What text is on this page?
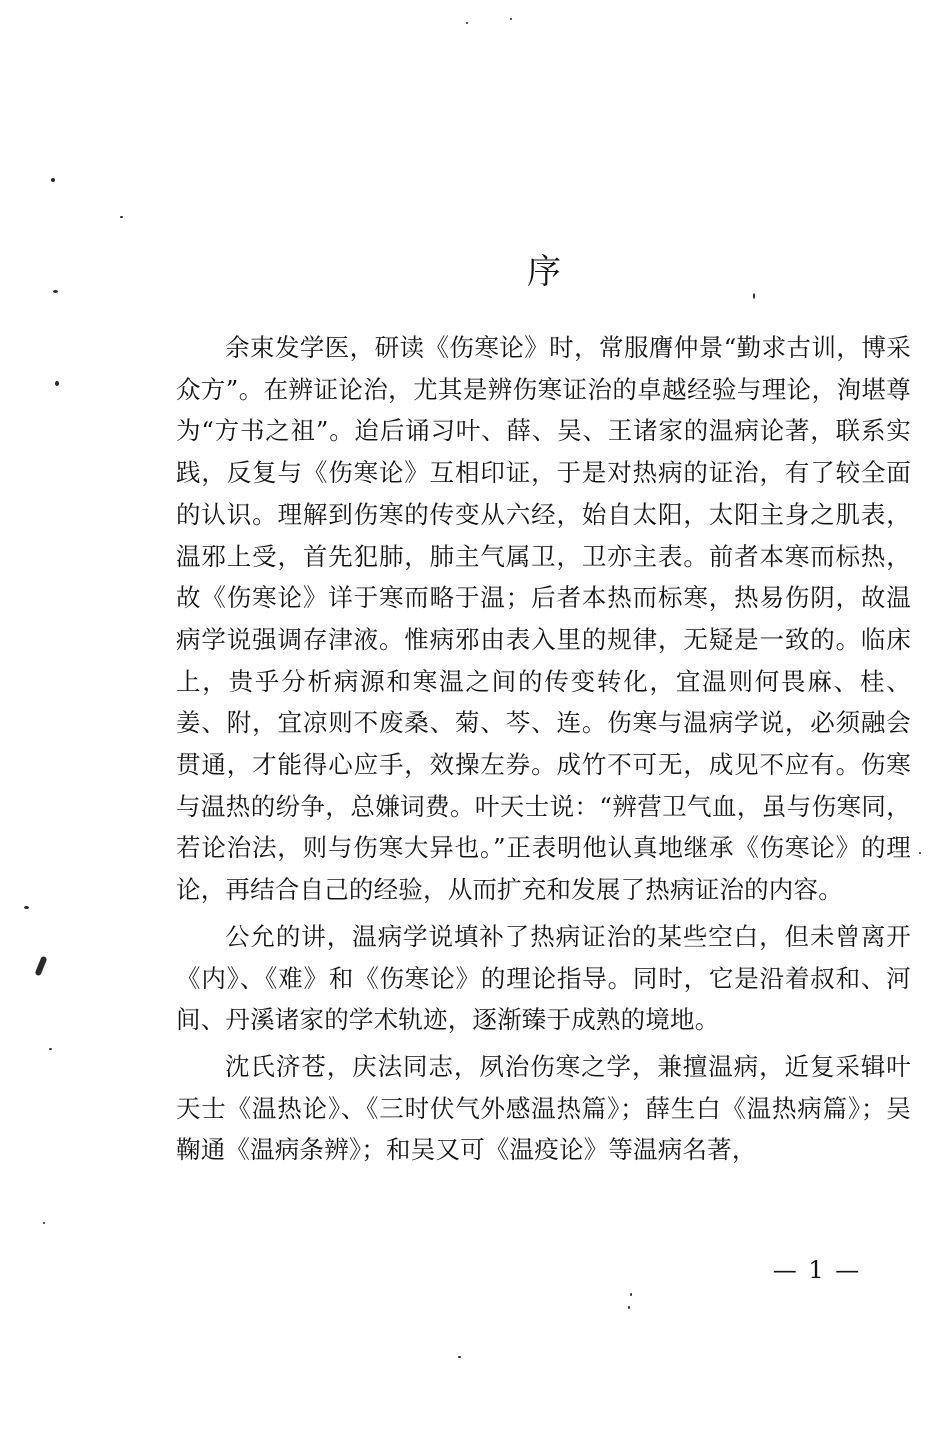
序

余束发学医，研读《伤寒论》时，常服膺仲景“勤求古训，博采众方”。在辨证论治，尤其是辨伤寒证治的卓越经验与理论，洵堪尊为“方书之祖”。迨后诵习叶、薛、吴、王诸家的温病论著，联系实践，反复与《伤寒论》互相印证，于是对热病的证治，有了较全面的认识。理解到伤寒的传变从六经，始自太阳，太阳主身之肌表，温邪上受，首先犯肺，肺主气属卫，卫亦主表。前者本寒而标热，故《伤寒论》详于寒而略于温；后者本热而标寒，热易伤阴，故温病学说强调存津液。惟病邪由表入里的规律，无疑是一致的。临床上，贵乎分析病源和寒温之间的传变转化，宜温则何畏麻、桂、姜、附，宜凉则不废桑、菊、芩、连。伤寒与温病学说，必须融会贯通，才能得心应手，效操左券。成竹不可无，成见不应有。伤寒与温热的纷争，总嫌词费。叶天士说：“辨营卫气血，虽与伤寒同，若论治法，则与伤寒大异也。”正表明他认真地继承《伤寒论》的理论，再结合自己的经验，从而扩充和发展了热病证治的内容。

公允的讲，温病学说填补了热病证治的某些空白，但未曾离开《内》、《难》和《伤寒论》的理论指导。同时，它是沿着叔和、河间、丹溪诸家的学术轨迹，逐渐臻于成熟的境地。

沈氏济苍，庆法同志，夙治伤寒之学，兼擅温病，近复采辑叶天士《温热论》、《三时伏气外感温热篇》；薛生白《温热病篇》；吴鞠通《温病条辨》；和吴又可《温疫论》等温病名著，

— 1 —
